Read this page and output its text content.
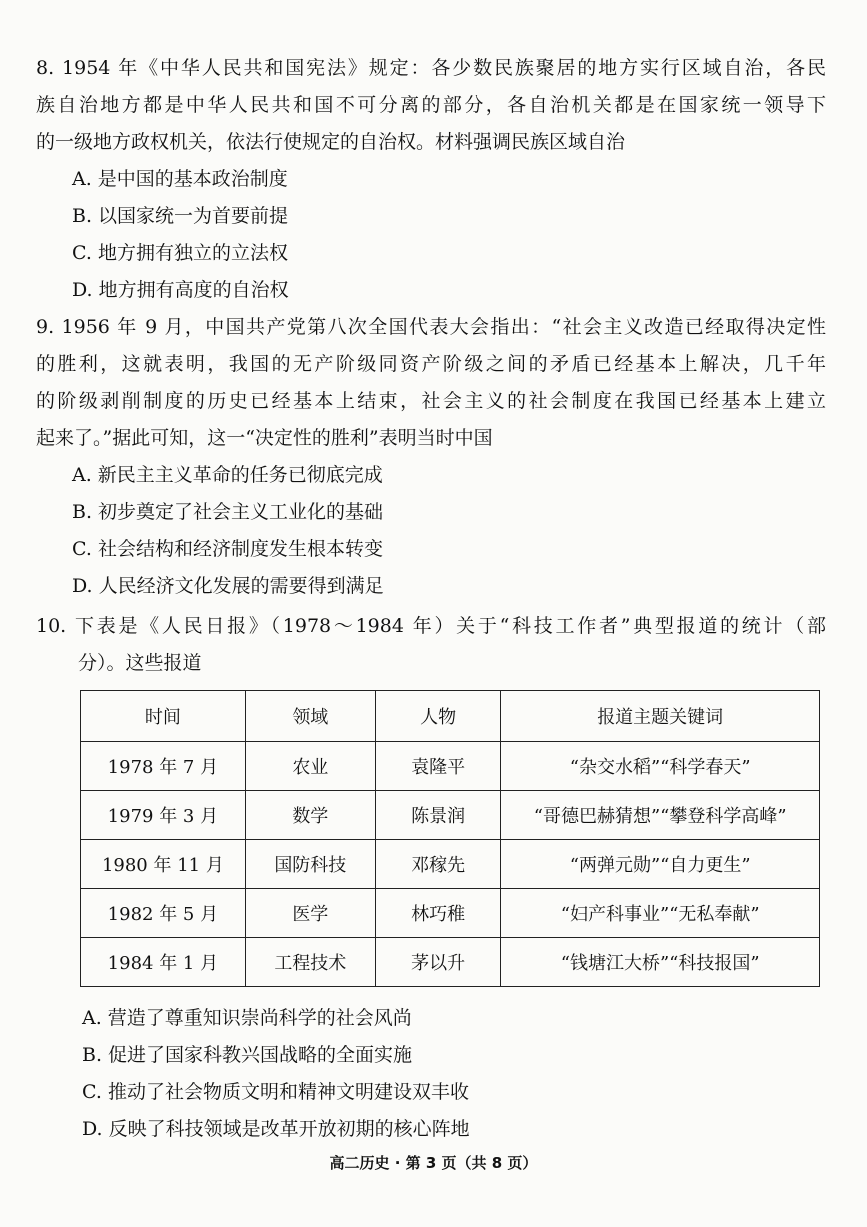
8. 1954 年《中华人民共和国宪法》规定：各少数民族聚居的地方实行区域自治，各民
族自治地方都是中华人民共和国不可分离的部分，各自治机关都是在国家统一领导下
的一级地方政权机关，依法行使规定的自治权。材料强调民族区域自治
A. 是中国的基本政治制度
B. 以国家统一为首要前提
C. 地方拥有独立的立法权
D. 地方拥有高度的自治权
9. 1956 年 9 月，中国共产党第八次全国代表大会指出：“社会主义改造已经取得决定性
的胜利，这就表明，我国的无产阶级同资产阶级之间的矛盾已经基本上解决，几千年
的阶级剥削制度的历史已经基本上结束，社会主义的社会制度在我国已经基本上建立
起来了。”据此可知，这一“决定性的胜利”表明当时中国
A. 新民主主义革命的任务已彻底完成
B. 初步奠定了社会主义工业化的基础
C. 社会结构和经济制度发生根本转变
D. 人民经济文化发展的需要得到满足
10. 下表是《人民日报》（1978～1984 年）关于“科技工作者”典型报道的统计（部
分）。这些报道
时间	领域	人物	报道主题关键词
1978 年 7 月	农业	袁隆平	“杂交水稻”“科学春天”
1979 年 3 月	数学	陈景润	“哥德巴赫猜想”“攀登科学高峰”
1980 年 11 月	国防科技	邓稼先	“两弹元勋”“自力更生”
1982 年 5 月	医学	林巧稚	“妇产科事业”“无私奉献”
1984 年 1 月	工程技术	茅以升	“钱塘江大桥”“科技报国”
A. 营造了尊重知识崇尚科学的社会风尚
B. 促进了国家科教兴国战略的全面实施
C. 推动了社会物质文明和精神文明建设双丰收
D. 反映了科技领域是改革开放初期的核心阵地
高二历史 · 第 3 页（共 8 页）
